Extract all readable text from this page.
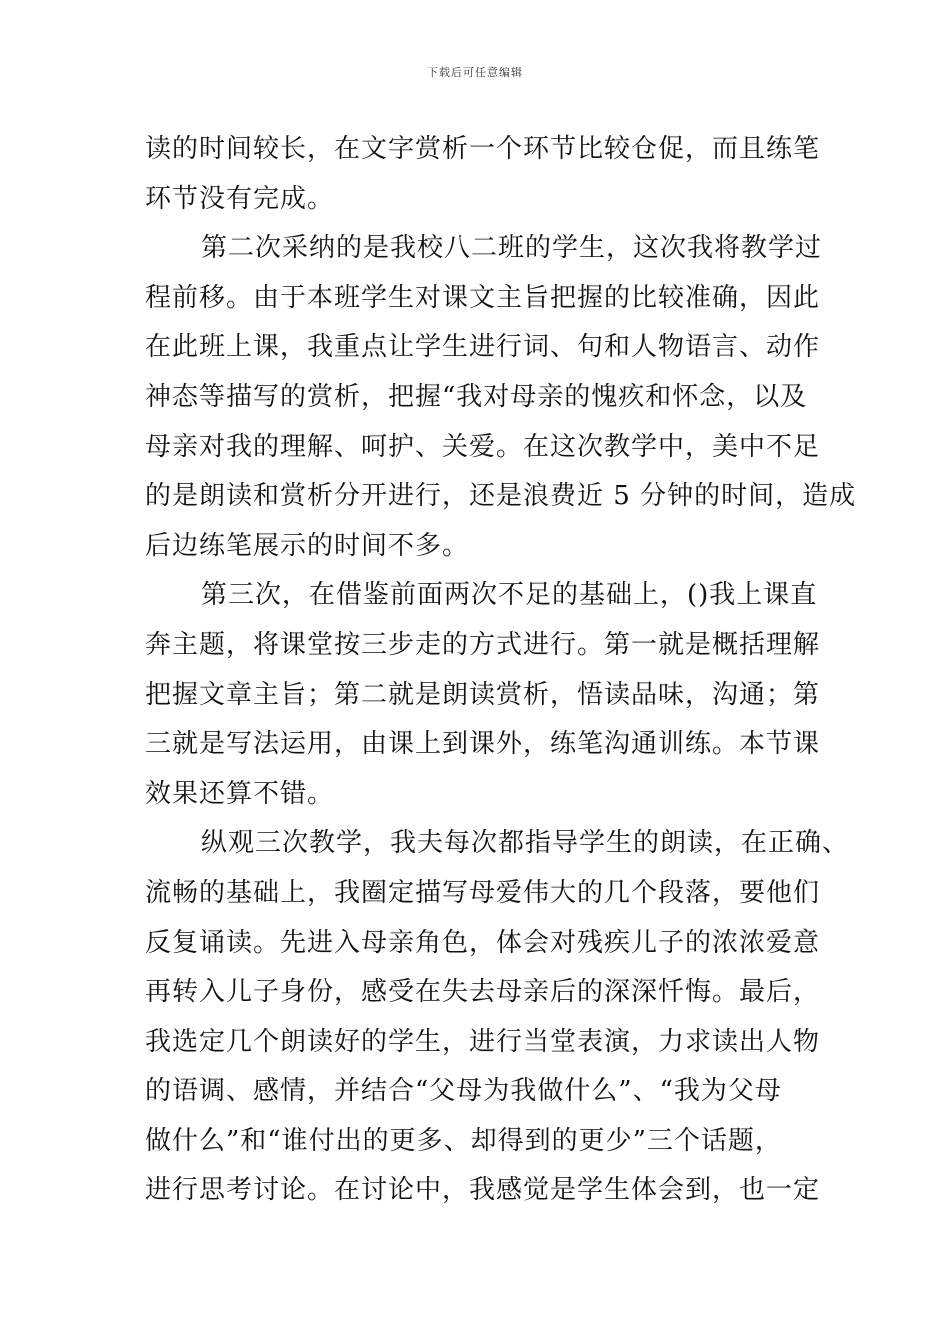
下载后可任意编辑
读的时间较长，在文字赏析一个环节比较仓促，而且练笔
环节没有完成。
第二次采纳的是我校八二班的学生，这次我将教学过
程前移。由于本班学生对课文主旨把握的比较准确，因此
在此班上课，我重点让学生进行词、句和人物语言、动作
神态等描写的赏析，把握“我对母亲的愧疚和怀念，以及
母亲对我的理解、呵护、关爱。在这次教学中，美中不足
的是朗读和赏析分开进行，还是浪费近 5 分钟的时间，造成
后边练笔展示的时间不多。
第三次，在借鉴前面两次不足的基础上，()我上课直
奔主题，将课堂按三步走的方式进行。第一就是概括理解
把握文章主旨；第二就是朗读赏析，悟读品味，沟通；第
三就是写法运用，由课上到课外，练笔沟通训练。本节课
效果还算不错。
纵观三次教学，我夫每次都指导学生的朗读，在正确、
流畅的基础上，我圈定描写母爱伟大的几个段落，要他们
反复诵读。先进入母亲角色，体会对残疾儿子的浓浓爱意
再转入儿子身份，感受在失去母亲后的深深忏悔。最后，
我选定几个朗读好的学生，进行当堂表演，力求读出人物
的语调、感情，并结合“父母为我做什么”、“我为父母
做什么”和“谁付出的更多、却得到的更少”三个话题，
进行思考讨论。在讨论中，我感觉是学生体会到，也一定
